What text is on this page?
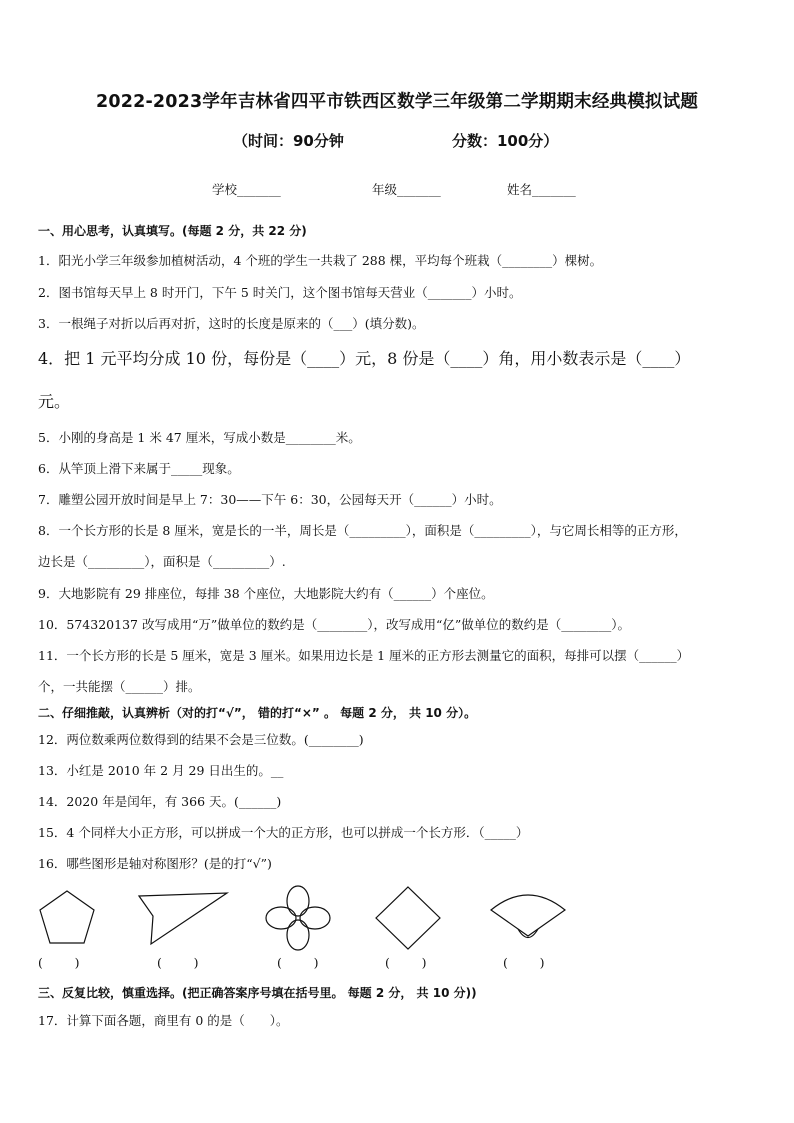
2022-2023学年吉林省四平市铁西区数学三年级第二学期期末经典模拟试题
（时间：90分钟	分数：100分）
学校_______	年级_______	姓名_______
一、用心思考，认真填写。(每题 2 分，共 22 分)
1．阳光小学三年级参加植树活动，4 个班的学生一共栽了 288 棵，平均每个班栽（________）棵树。
2．图书馆每天早上 8 时开门，下午 5 时关门，这个图书馆每天营业（_______）小时。
3．一根绳子对折以后再对折，这时的长度是原来的（___）(填分数)。
4．把 1 元平均分成 10 份，每份是（____）元，8 份是（____）角，用小数表示是（____）
元。
5．小刚的身高是 1 米 47 厘米，写成小数是________米。
6．从竿顶上滑下来属于_____现象。
7．雕塑公园开放时间是早上 7：30——下午 6：30，公园每天开（______）小时。
8．一个长方形的长是 8 厘米，宽是长的一半，周长是（_________），面积是（_________），与它周长相等的正方形，
边长是（_________），面积是（_________）.
9．大地影院有 29 排座位，每排 38 个座位，大地影院大约有（______）个座位。
10．574320137 改写成用“万”做单位的数约是（________），改写成用“亿”做单位的数约是（________）。
11．一个长方形的长是 5 厘米，宽是 3 厘米。如果用边长是 1 厘米的正方形去测量它的面积，每排可以摆（______）
个，一共能摆（______）排。
二、仔细推敲，认真辨析（对的打“√”， 错的打“×” 。 每题 2 分， 共 10 分）。
12．两位数乘两位数得到的结果不会是三位数。(________)
13．小红是 2010 年 2 月 29 日出生的。__
14．2020 年是闰年，有 366 天。(______)
15．4 个同样大小正方形，可以拼成一个大的正方形，也可以拼成一个长方形．（_____）
16．哪些图形是轴对称图形？(是的打“√”)
(        )	(        )	(        )	(        )	(        )
三、反复比较，慎重选择。(把正确答案序号填在括号里。 每题 2 分， 共 10 分))
17．计算下面各题，商里有 0 的是（　　）。
